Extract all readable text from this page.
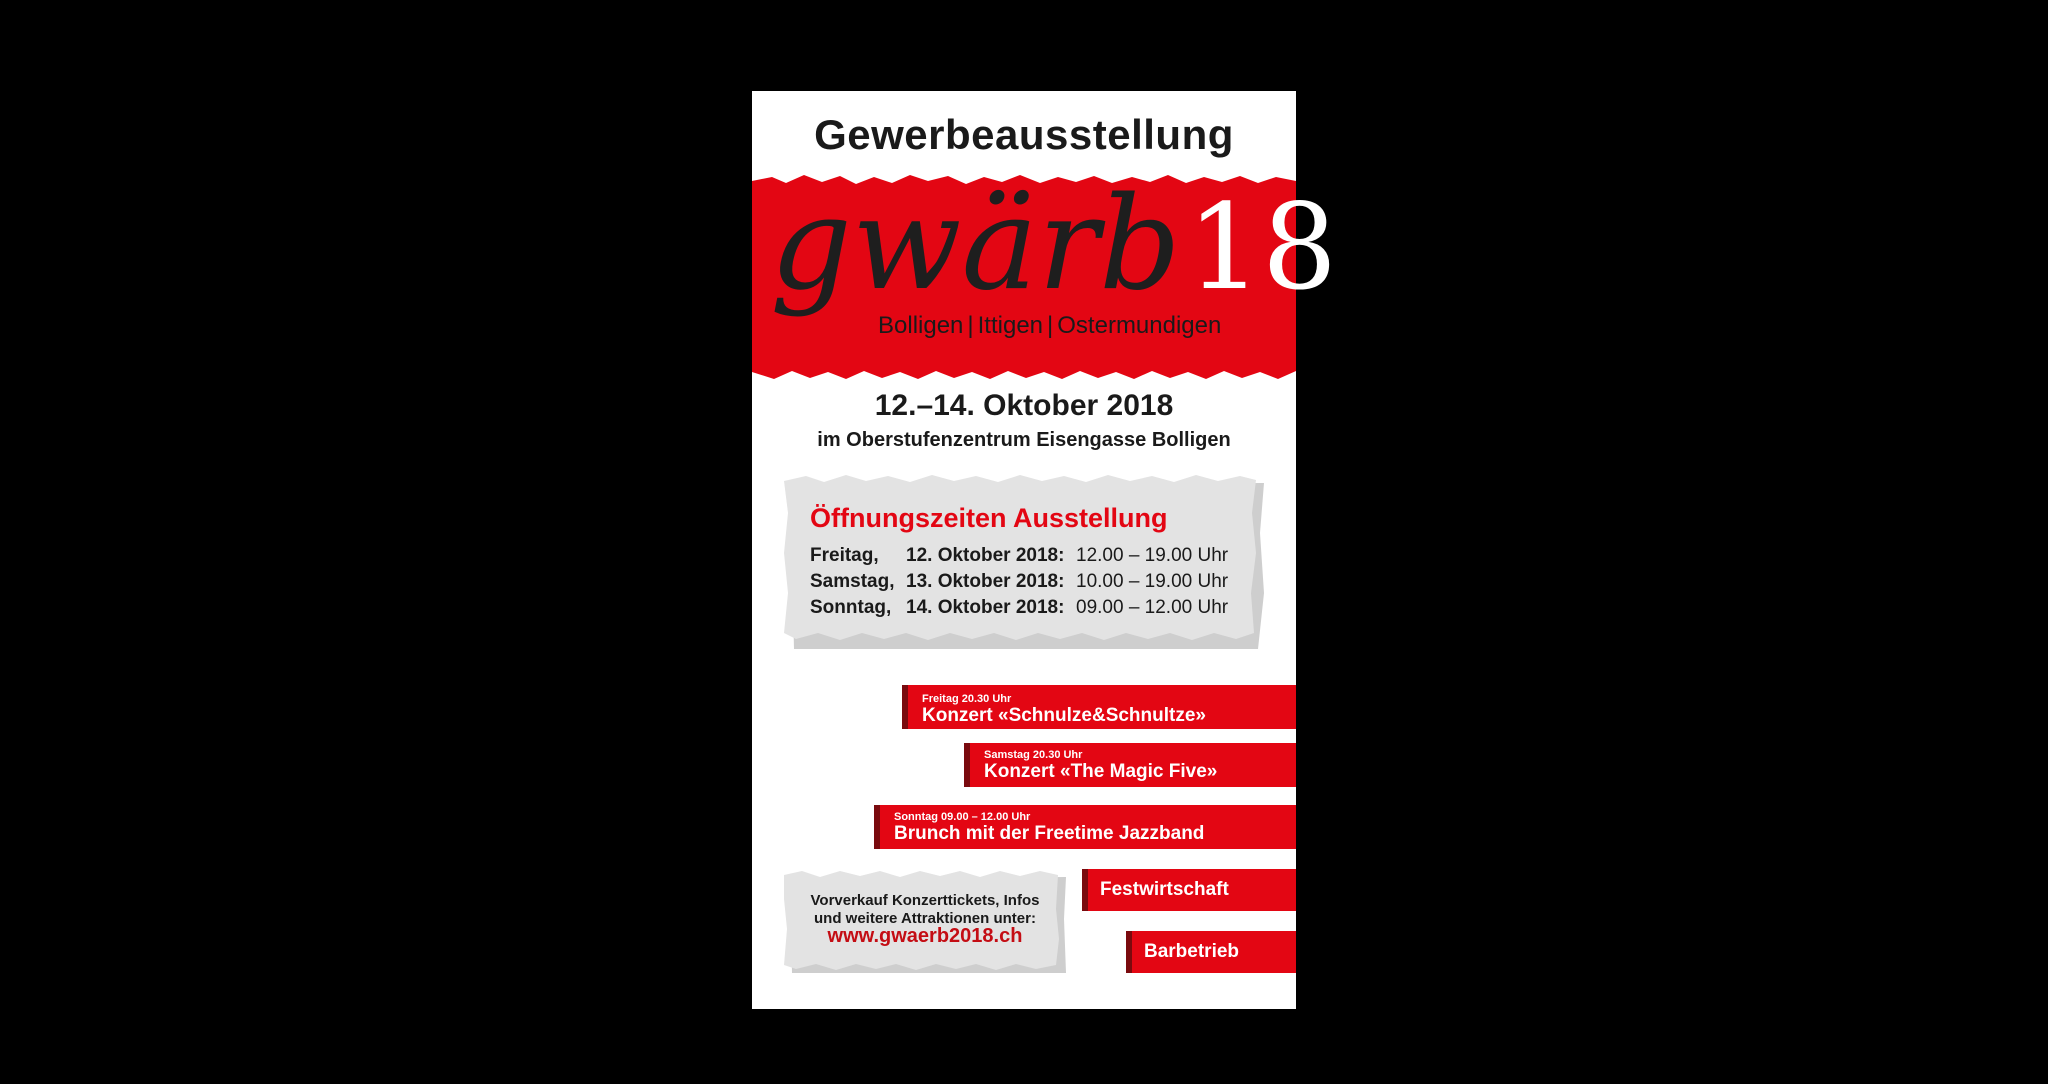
Gewerbeausstellung
gwärb18
Bolligen | Ittigen | Ostermundigen
12.–14. Oktober 2018
im Oberstufenzentrum Eisengasse Bolligen
Öffnungszeiten Ausstellung
Freitag,	12. Oktober 2018: 12.00 – 19.00 Uhr
Samstag, 13. Oktober 2018: 10.00 – 19.00 Uhr
Sonntag, 14. Oktober 2018: 09.00 – 12.00 Uhr
Freitag 20.30 Uhr
Konzert «Schnulze&Schnultze»
Samstag 20.30 Uhr
Konzert «The Magic Five»
Sonntag 09.00 – 12.00 Uhr
Brunch mit der Freetime Jazzband
Festwirtschaft
Barbetrieb
Vorverkauf Konzerttickets, Infos
und weitere Attraktionen unter:
www.gwaerb2018.ch
